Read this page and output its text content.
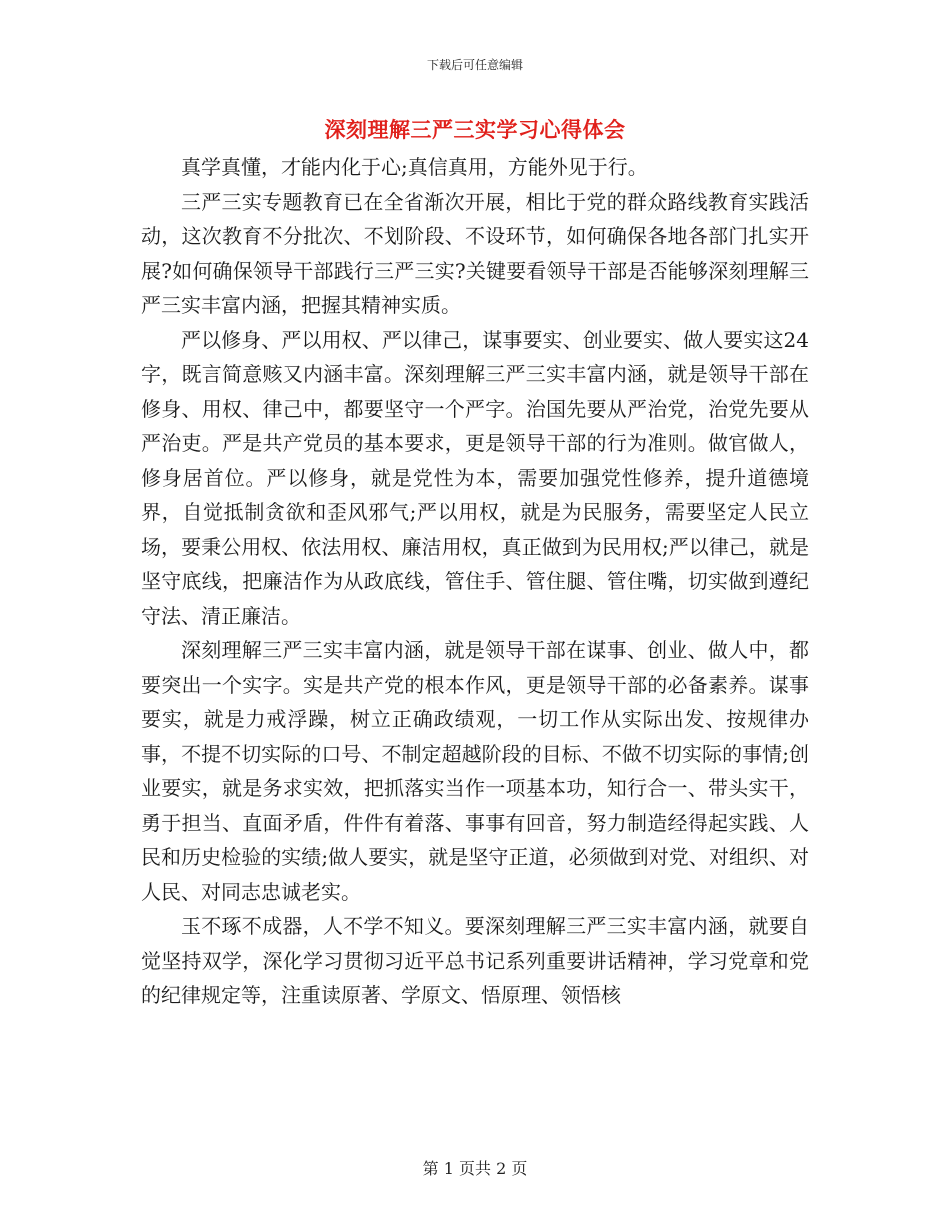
下载后可任意编辑
深刻理解三严三实学习心得体会

真学真懂，才能内化于心;真信真用，方能外见于行。

三严三实专题教育已在全省渐次开展，相比于党的群众路线教育实践活动，这次教育不分批次、不划阶段、不设环节，如何确保各地各部门扎实开展?如何确保领导干部践行三严三实?关键要看领导干部是否能够深刻理解三严三实丰富内涵，把握其精神实质。

严以修身、严以用权、严以律己，谋事要实、创业要实、做人要实这24字，既言简意赅又内涵丰富。深刻理解三严三实丰富内涵，就是领导干部在修身、用权、律己中，都要坚守一个严字。治国先要从严治党，治党先要从严治吏。严是共产党员的基本要求，更是领导干部的行为准则。做官做人，修身居首位。严以修身，就是党性为本，需要加强党性修养，提升道德境界，自觉抵制贪欲和歪风邪气;严以用权，就是为民服务，需要坚定人民立场，要秉公用权、依法用权、廉洁用权，真正做到为民用权;严以律己，就是坚守底线，把廉洁作为从政底线，管住手、管住腿、管住嘴，切实做到遵纪守法、清正廉洁。

深刻理解三严三实丰富内涵，就是领导干部在谋事、创业、做人中，都要突出一个实字。实是共产党的根本作风，更是领导干部的必备素养。谋事要实，就是力戒浮躁，树立正确政绩观，一切工作从实际出发、按规律办事，不提不切实际的口号、不制定超越阶段的目标、不做不切实际的事情;创业要实，就是务求实效，把抓落实当作一项基本功，知行合一、带头实干，勇于担当、直面矛盾，件件有着落、事事有回音，努力制造经得起实践、人民和历史检验的实绩;做人要实，就是坚守正道，必须做到对党、对组织、对人民、对同志忠诚老实。

玉不琢不成器，人不学不知义。要深刻理解三严三实丰富内涵，就要自觉坚持双学，深化学习贯彻习近平总书记系列重要讲话精神，学习党章和党的纪律规定等，注重读原著、学原文、悟原理、领悟核

第 1 页共 2 页
